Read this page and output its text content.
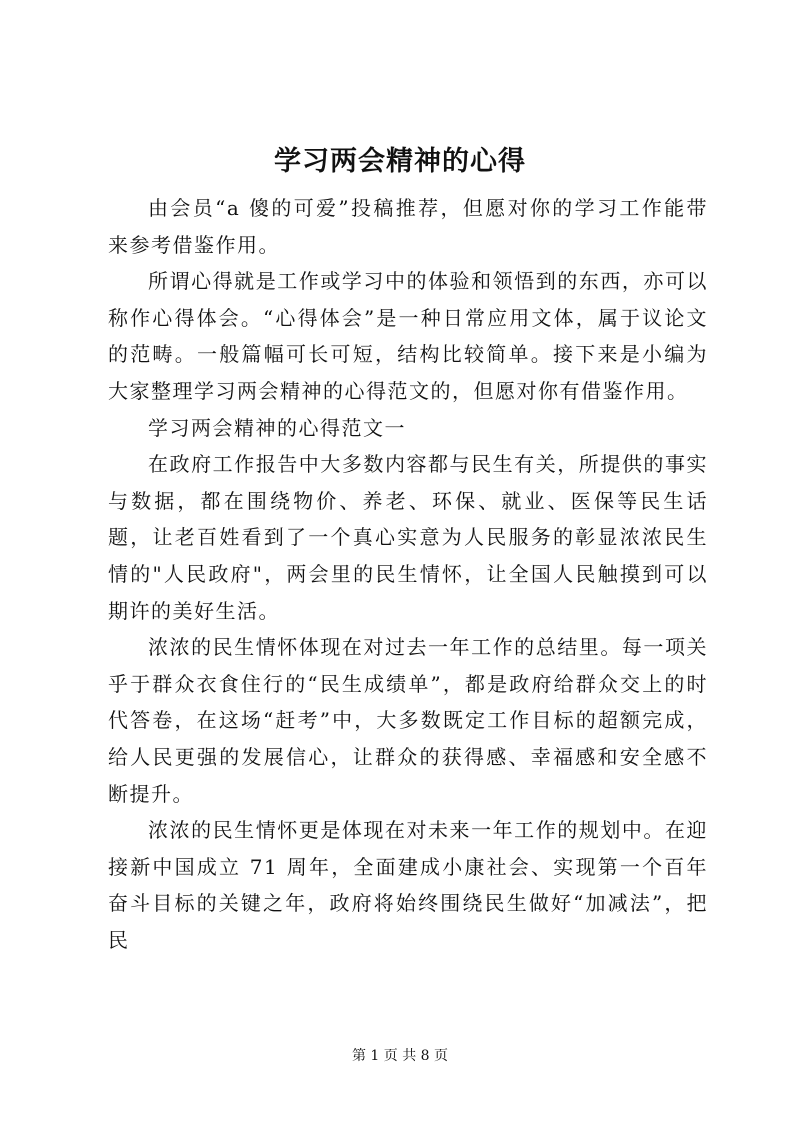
学习两会精神的心得

由会员“a 傻的可爱”投稿推荐，但愿对你的学习工作能带来参考借鉴作用。

所谓心得就是工作或学习中的体验和领悟到的东西，亦可以称作心得体会。“心得体会”是一种日常应用文体，属于议论文的范畴。一般篇幅可长可短，结构比较简单。接下来是小编为大家整理学习两会精神的心得范文的，但愿对你有借鉴作用。

学习两会精神的心得范文一

在政府工作报告中大多数内容都与民生有关，所提供的事实与数据，都在围绕物价、养老、环保、就业、医保等民生话题，让老百姓看到了一个真心实意为人民服务的彰显浓浓民生情的"人民政府"，两会里的民生情怀，让全国人民触摸到可以期许的美好生活。

浓浓的民生情怀体现在对过去一年工作的总结里。每一项关乎于群众衣食住行的“民生成绩单”，都是政府给群众交上的时代答卷，在这场“赶考”中，大多数既定工作目标的超额完成，给人民更强的发展信心，让群众的获得感、幸福感和安全感不断提升。

浓浓的民生情怀更是体现在对未来一年工作的规划中。在迎接新中国成立 71 周年，全面建成小康社会、实现第一个百年奋斗目标的关键之年，政府将始终围绕民生做好“加减法”，把民

第 1 页 共 8 页
